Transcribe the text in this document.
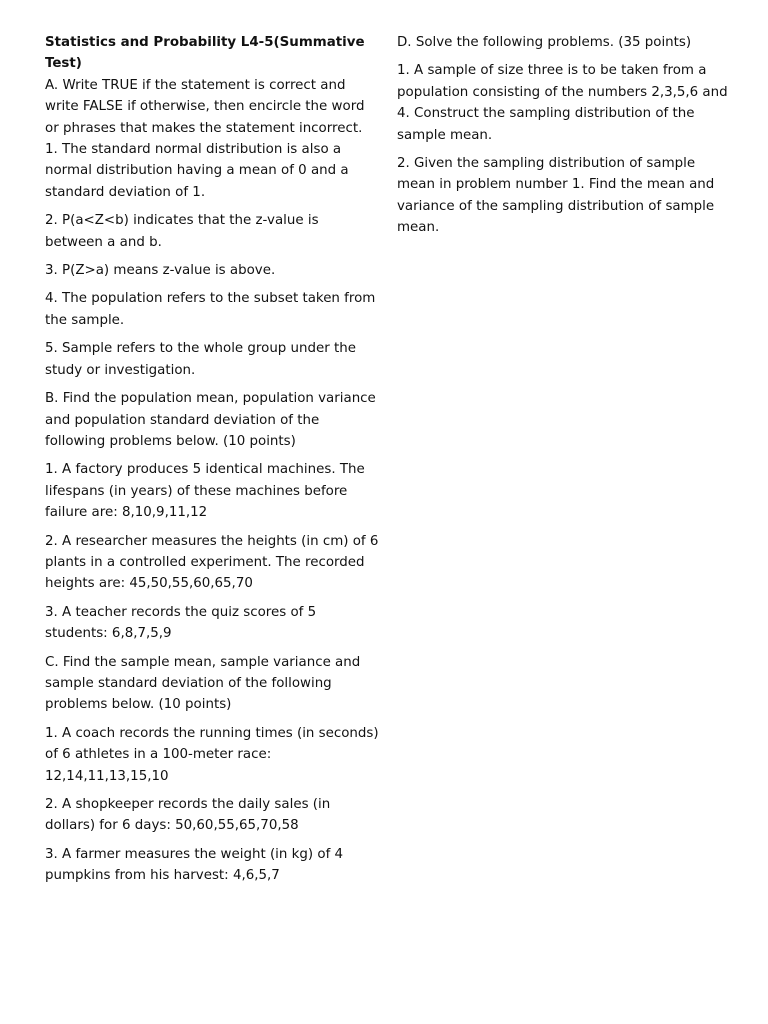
Statistics and Probability L4-5(Summative Test)

A. Write TRUE if the statement is correct and write FALSE if otherwise, then encircle the word or phrases that makes the statement incorrect.

1. The standard normal distribution is also a normal distribution having a mean of 0 and a standard deviation of 1.

2. P(a<Z<b) indicates that the z-value is between a and b.

3. P(Z>a) means z-value is above.

4. The population refers to the subset taken from the sample.

5. Sample refers to the whole group under the study or investigation.

B. Find the population mean, population variance and population standard deviation of the following problems below. (10 points)

1. A factory produces 5 identical machines. The lifespans (in years) of these machines before failure are: 8,10,9,11,12

2. A researcher measures the heights (in cm) of 6 plants in a controlled experiment. The recorded heights are: 45,50,55,60,65,70

3. A teacher records the quiz scores of 5 students: 6,8,7,5,9

C. Find the sample mean, sample variance and sample standard deviation of the following problems below. (10 points)

1. A coach records the running times (in seconds) of 6 athletes in a 100-meter race: 12,14,11,13,15,10

2. A shopkeeper records the daily sales (in dollars) for 6 days: 50,60,55,65,70,58

3. A farmer measures the weight (in kg) of 4 pumpkins from his harvest: 4,6,5,7

D. Solve the following problems. (35 points)

1. A sample of size three is to be taken from a population consisting of the numbers 2,3,5,6 and 4. Construct the sampling distribution of the sample mean.

2. Given the sampling distribution of sample mean in problem number 1. Find the mean and variance of the sampling distribution of sample mean.
